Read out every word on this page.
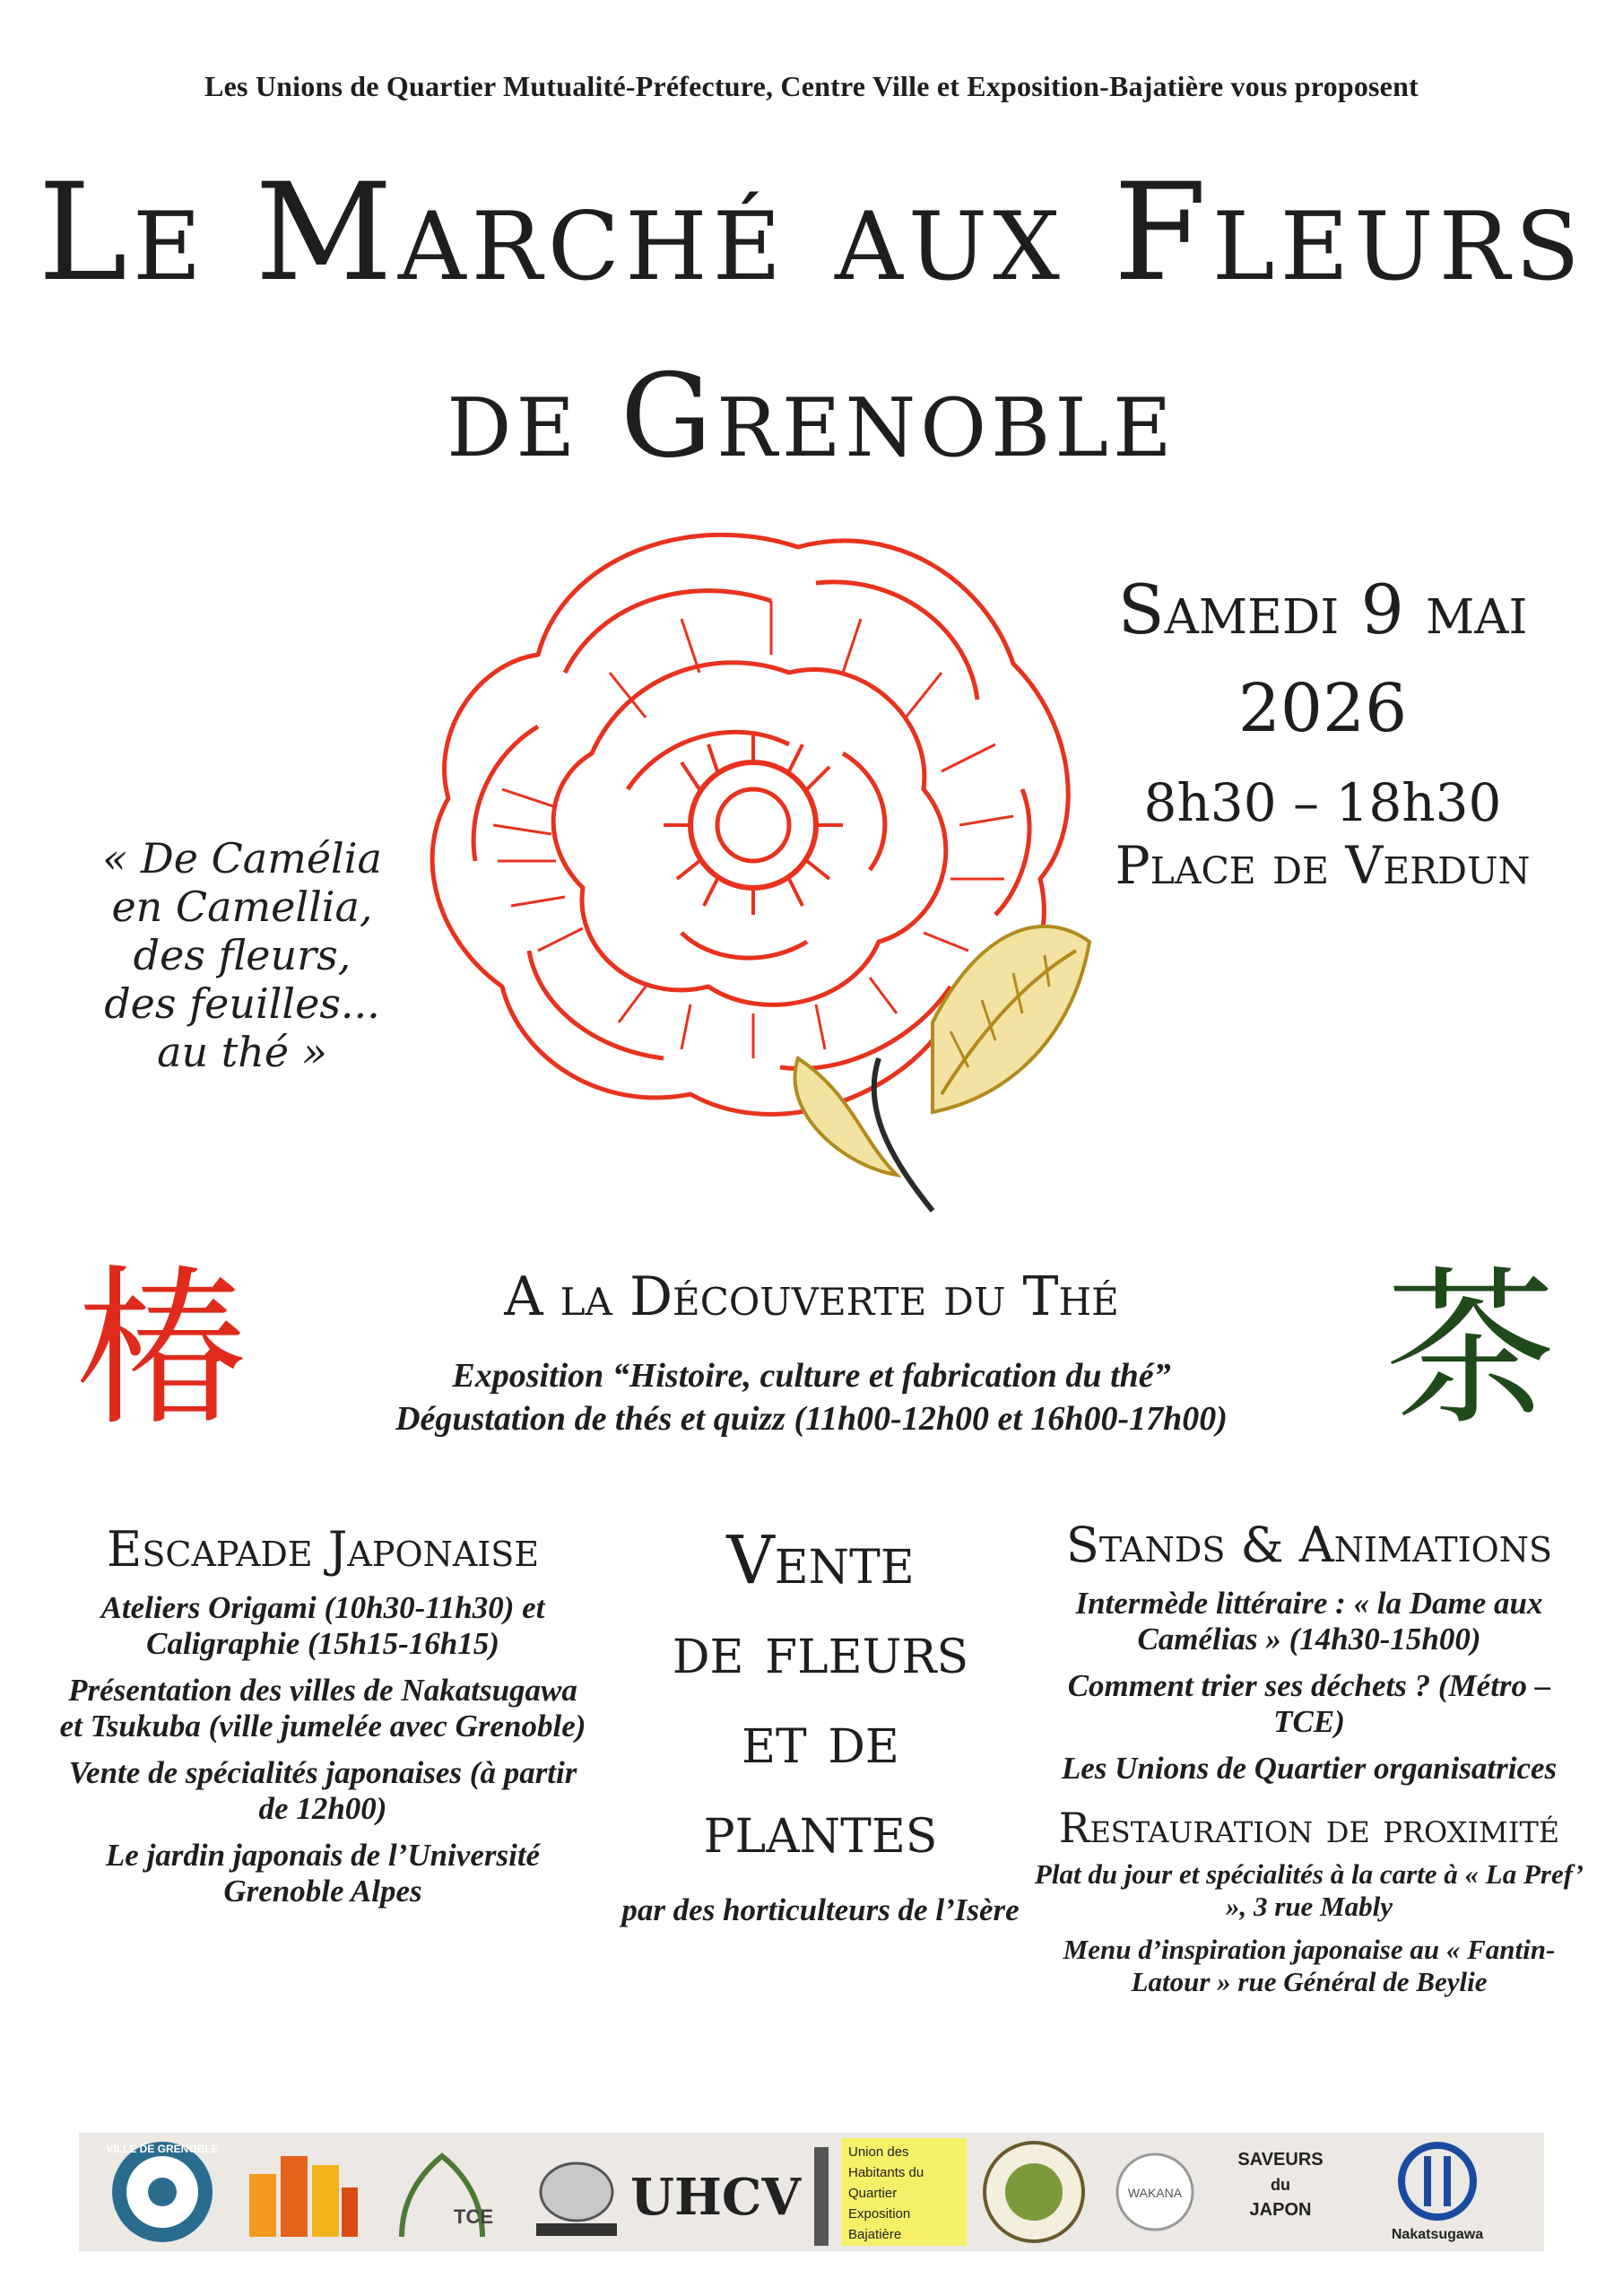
Les Unions de Quartier Mutualité-Préfecture, Centre Ville et Exposition-Bajatière vous proposent
Le Marché aux Fleurs
de Grenoble
Samedi 9 mai
2026
8h30 – 18h30
Place de Verdun
« De Camélia
en Camellia,
des fleurs,
des feuilles...
au thé »
椿	茶
A la Découverte du Thé
Exposition “Histoire, culture et fabrication du thé”
Dégustation de thés et quizz (11h00-12h00 et 16h00-17h00)
Escapade Japonaise
Ateliers Origami (10h30-11h30) et Caligraphie (15h15-16h15)
Présentation des villes de Nakatsugawa et Tsukuba (ville jumelée avec Grenoble)
Vente de spécialités japonaises (à partir de 12h00)
Le jardin japonais de l’Université Grenoble Alpes
Vente
de fleurs
et de
plantes
par des horticulteurs de l’Isère
Stands & Animations
Intermède littéraire : « la Dame aux Camélias » (14h30-15h00)
Comment trier ses déchets ? (Métro – TCE)
Les Unions de Quartier organisatrices
Restauration de proximité
Plat du jour et spécialités à la carte à « La Pref’ », 3 rue Mably
Menu d’inspiration japonaise au « Fantin-Latour » rue Général de Beylie
VILLE DE GRENOBLE
TCE	UHCV
Union des
Habitants du
Quartier
Exposition
Bajatière
WAKANA
SAVEURS
du
JAPON
Nakatsugawa
